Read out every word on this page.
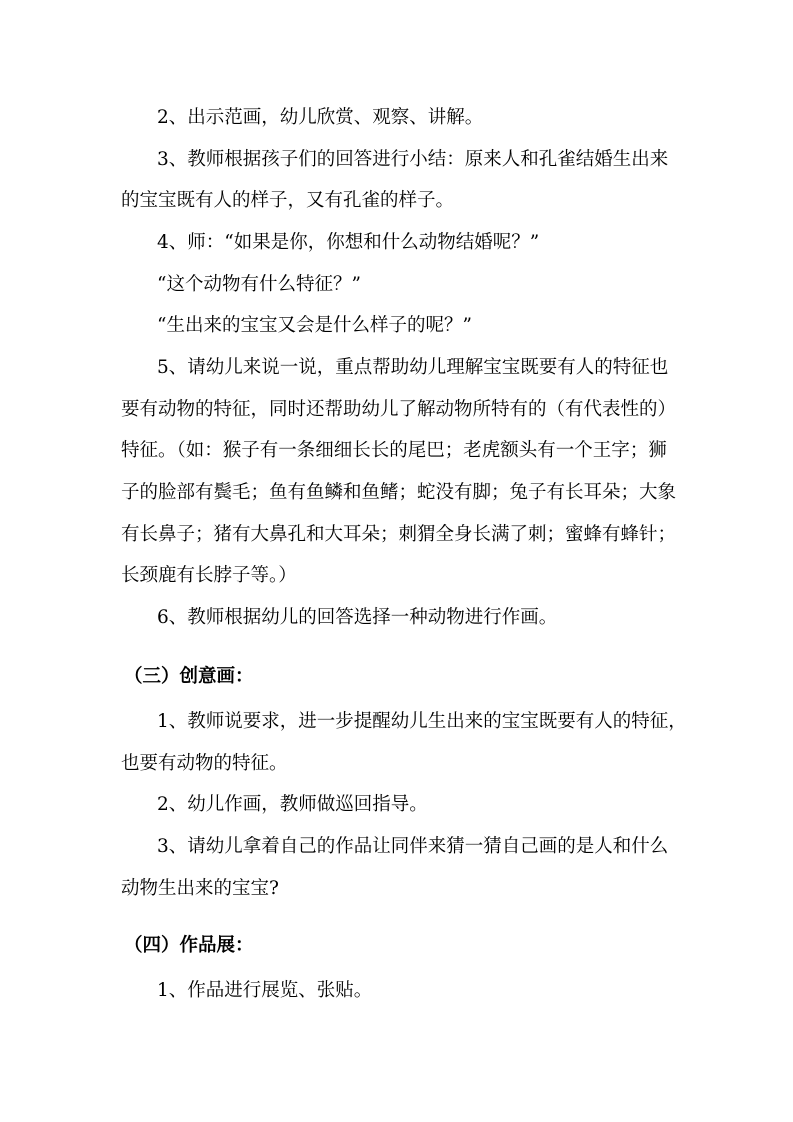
2、出示范画，幼儿欣赏、观察、讲解。

3、教师根据孩子们的回答进行小结：原来人和孔雀结婚生出来

的宝宝既有人的样子，又有孔雀的样子。

4、师：“如果是你，你想和什么动物结婚呢？”

“这个动物有什么特征？”

“生出来的宝宝又会是什么样子的呢？”

5、请幼儿来说一说，重点帮助幼儿理解宝宝既要有人的特征也

要有动物的特征，同时还帮助幼儿了解动物所特有的（有代表性的）

特征。（如：猴子有一条细细长长的尾巴；老虎额头有一个王字；狮

子的脸部有鬓毛；鱼有鱼鳞和鱼鳍；蛇没有脚；兔子有长耳朵；大象

有长鼻子；猪有大鼻孔和大耳朵；刺猬全身长满了刺；蜜蜂有蜂针；

长颈鹿有长脖子等。）

6、教师根据幼儿的回答选择一种动物进行作画。

（三）创意画：

1、教师说要求，进一步提醒幼儿生出来的宝宝既要有人的特征，

也要有动物的特征。

2、幼儿作画，教师做巡回指导。

3、请幼儿拿着自己的作品让同伴来猜一猜自己画的是人和什么

动物生出来的宝宝?

（四）作品展：

1、作品进行展览、张贴。
